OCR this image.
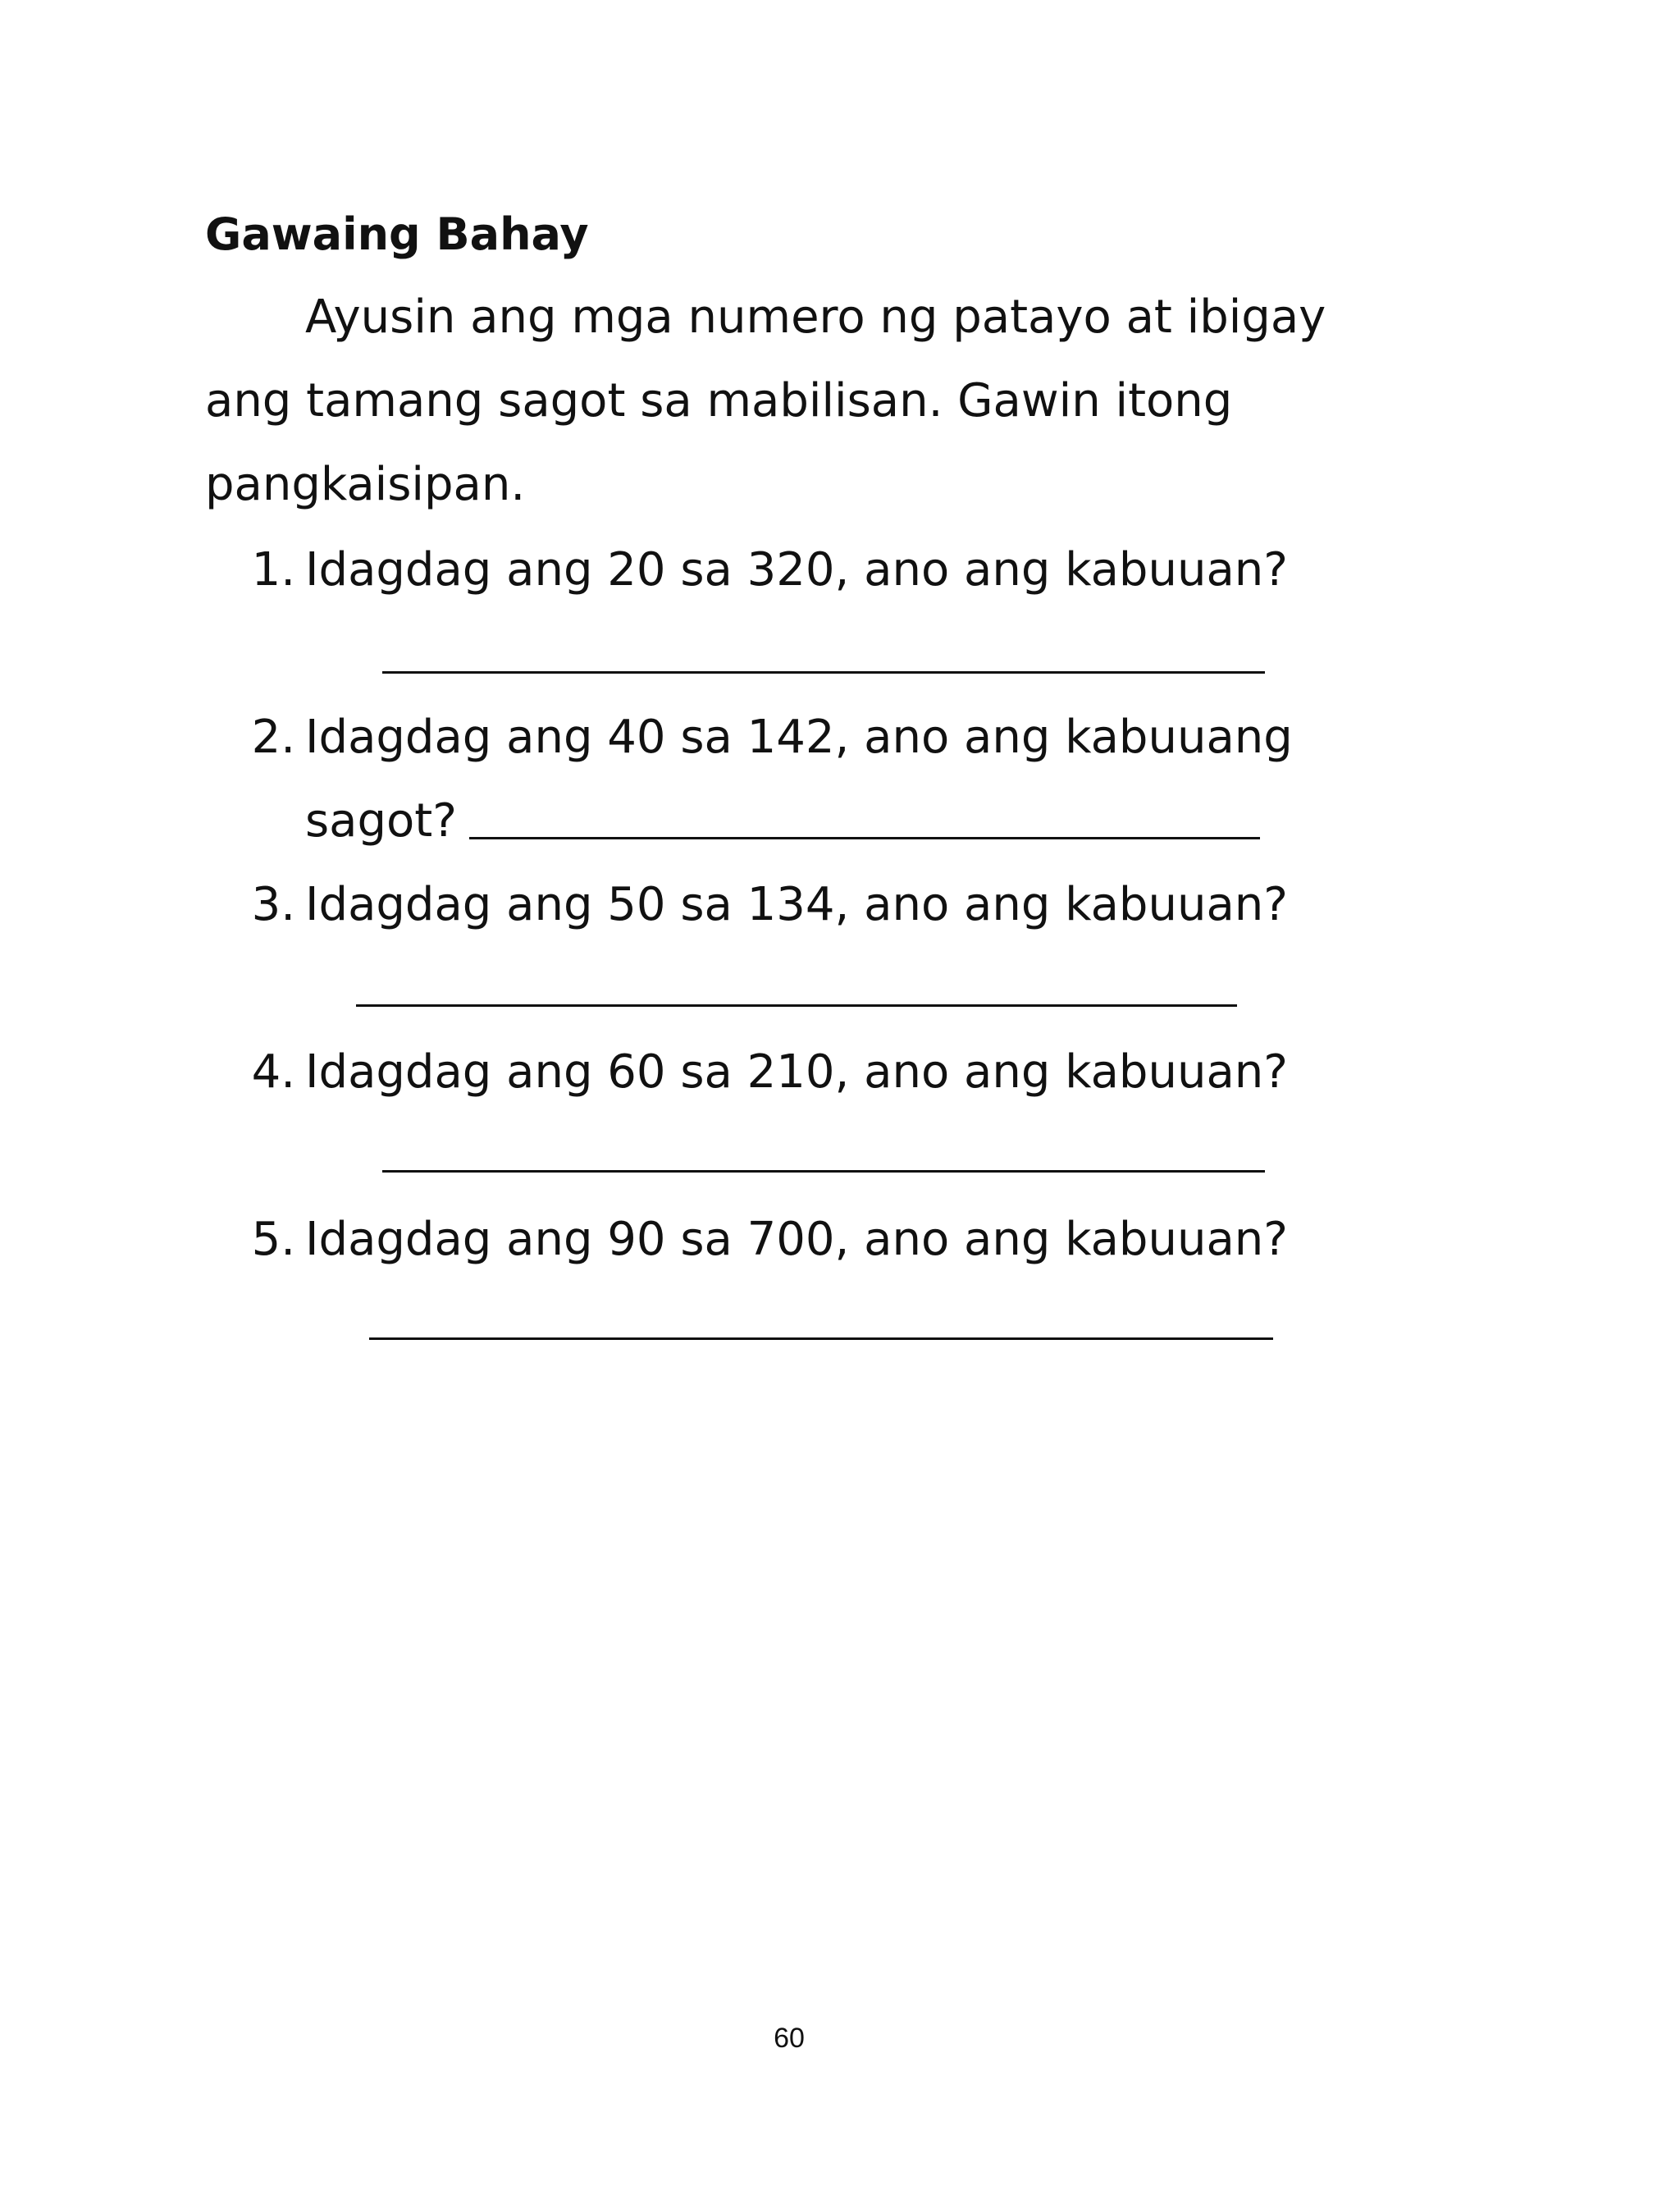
Gawaing Bahay
Ayusin ang mga numero ng patayo at ibigay
ang tamang sagot sa mabilisan. Gawin itong
pangkaisipan.
1. Idagdag ang 20 sa 320, ano ang kabuuan?
2. Idagdag ang 40 sa 142, ano ang kabuuang
sagot?
3. Idagdag ang 50 sa 134, ano ang kabuuan?
4. Idagdag ang 60 sa 210, ano ang kabuuan?
5. Idagdag ang 90 sa 700, ano ang kabuuan?
60
